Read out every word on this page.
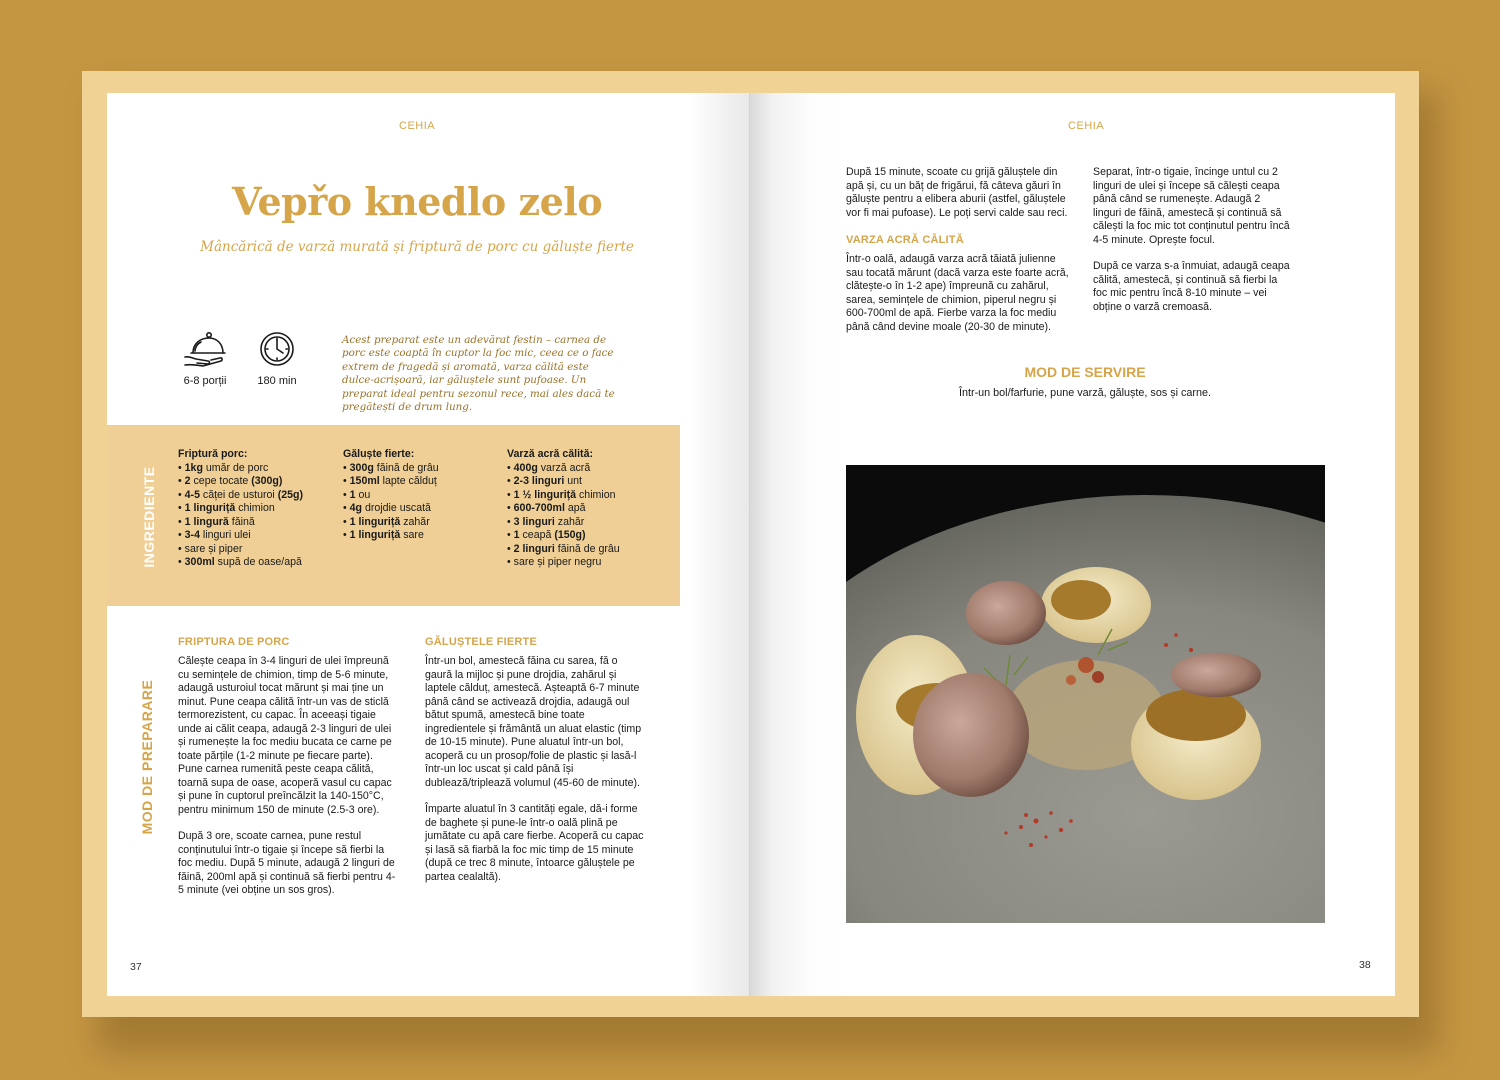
CEHIA
Vepřo knedlo zelo
Mâncărică de varză murată și friptură de porc cu găluște fierte
6-8 porții	180 min
Acest preparat este un adevărat festin – carnea de porc este coaptă în cuptor la foc mic, ceea ce o face extrem de fragedă și aromată, varza călită este dulce-acrișoară, iar găluștele sunt pufoase. Un preparat ideal pentru sezonul rece, mai ales dacă te pregătești de drum lung.
INGREDIENTE
Friptură porc:
• 1kg umăr de porc
• 2 cepe tocate (300g)
• 4-5 căței de usturoi (25g)
• 1 linguriță chimion
• 1 lingură făină
• 3-4 linguri ulei
• sare și piper
• 300ml supă de oase/apă
Găluște fierte:
• 300g făină de grâu
• 150ml lapte călduț
• 1 ou
• 4g drojdie uscată
• 1 linguriță zahăr
• 1 linguriță sare
Varză acră călită:
• 400g varză acră
• 2-3 linguri unt
• 1 ½ linguriță chimion
• 600-700ml apă
• 3 linguri zahăr
• 1 ceapă (150g)
• 2 linguri făină de grâu
• sare și piper negru
MOD DE PREPARARE
FRIPTURA DE PORC

Călește ceapa în 3-4 linguri de ulei împreună cu semințele de chimion, timp de 5-6 minute, adaugă usturoiul tocat mărunt și mai ține un minut. Pune ceapa călită într-un vas de sticlă termorezistent, cu capac. În aceeași tigaie unde ai călit ceapa, adaugă 2-3 linguri de ulei și rumenește la foc mediu bucata ce carne pe toate părțile (1-2 minute pe fiecare parte). Pune carnea rumenită peste ceapa călită, toarnă supa de oase, acoperă vasul cu capac și pune în cuptorul preîncălzit la 140-150°C, pentru minimum 150 de minute (2.5-3 ore).

După 3 ore, scoate carnea, pune restul conținutului într-o tigaie și începe să fierbi la foc mediu. După 5 minute, adaugă 2 linguri de făină, 200ml apă și continuă să fierbi pentru 4-5 minute (vei obține un sos gros).

GĂLUȘTELE FIERTE

Într-un bol, amestecă făina cu sarea, fă o gaură la mijloc și pune drojdia, zahărul și laptele călduț, amestecă. Așteaptă 6-7 minute până când se activează drojdia, adaugă oul bătut spumă, amestecă bine toate ingredientele și frământă un aluat elastic (timp de 10-15 minute). Pune aluatul într-un bol, acoperă cu un prosop/folie de plastic și lasă-l într-un loc uscat și cald până își dublează/triplează volumul (45-60 de minute).

Împarte aluatul în 3 cantități egale, dă-i forme de baghete și pune-le într-o oală plină pe jumătate cu apă care fierbe. Acoperă cu capac și lasă să fiarbă la foc mic timp de 15 minute (după ce trec 8 minute, întoarce găluștele pe partea cealaltă).

37
CEHIA
După 15 minute, scoate cu grijă găluștele din apă și, cu un băț de frigărui, fă câteva găuri în găluște pentru a elibera aburii (astfel, găluștele vor fi mai pufoase). Le poți servi calde sau reci.
VARZA ACRĂ CĂLITĂ
Într-o oală, adaugă varza acră tăiată julienne sau tocată mărunt (dacă varza este foarte acră, clătește-o în 1-2 ape) împreună cu zahărul, sarea, semințele de chimion, piperul negru și 600-700ml de apă. Fierbe varza la foc mediu până când devine moale (20-30 de minute).

Separat, într-o tigaie, încinge untul cu 2 linguri de ulei și începe să călești ceapa până când se rumenește. Adaugă 2 linguri de făină, amestecă și continuă să călești la foc mic tot conținutul pentru încă 4-5 minute. Oprește focul.

După ce varza s-a înmuiat, adaugă ceapa călită, amestecă, și continuă să fierbi la foc mic pentru încă 8-10 minute – vei obține o varză cremoasă.

MOD DE SERVIRE
Într-un bol/farfurie, pune varză, găluște, sos și carne.
38
